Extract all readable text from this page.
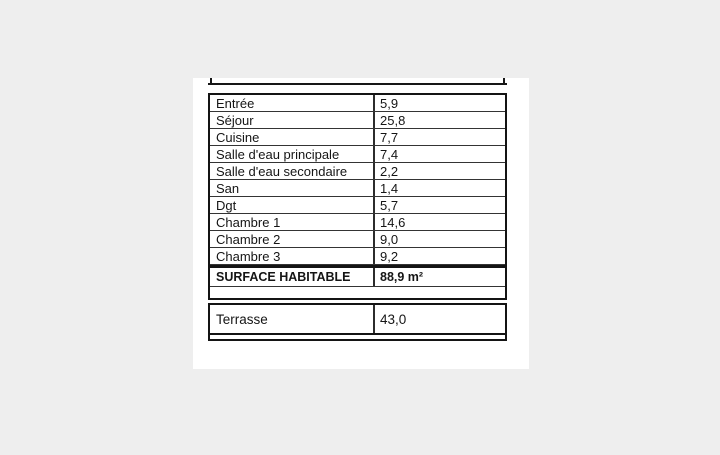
Entrée	5,9
Séjour	25,8
Cuisine	7,7
Salle d'eau principale	7,4
Salle d'eau secondaire	2,2
San	1,4
Dgt	5,7
Chambre 1	14,6
Chambre 2	9,0
Chambre 3	9,2
SURFACE HABITABLE	88,9 m²
Terrasse	43,0
